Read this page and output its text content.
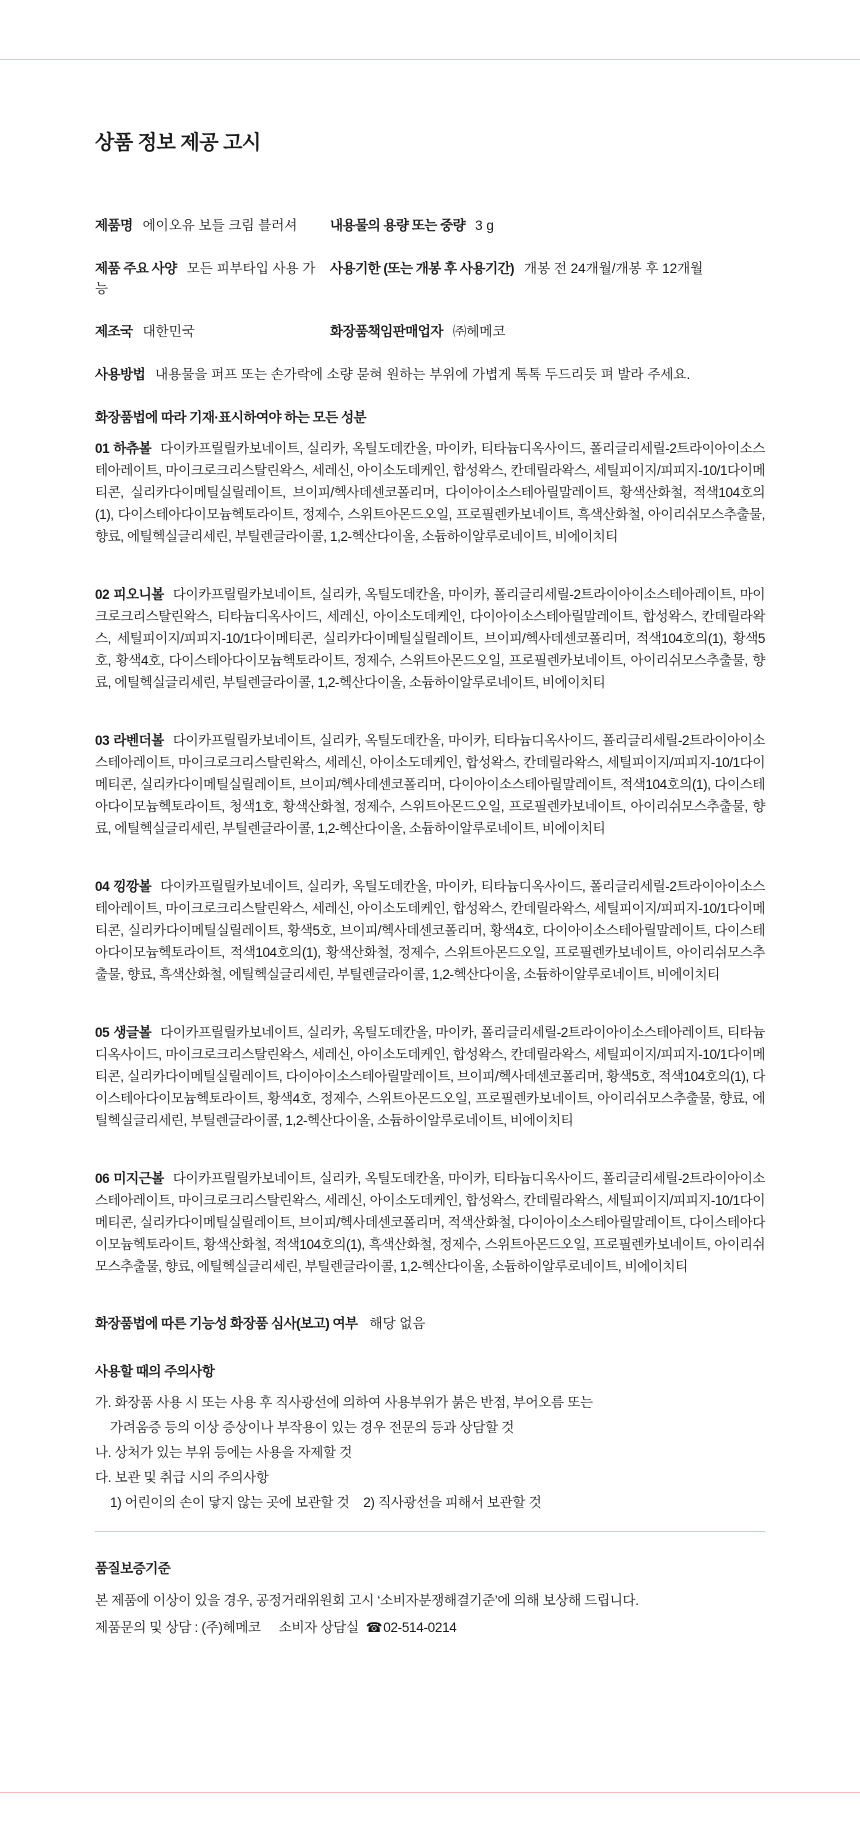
상품 정보 제공 고시
제품명 에이오유 보들 크림 블러셔	내용물의 용량 또는 중량 3 g
제품 주요 사양 모든 피부타입 사용 가능
사용기한 (또는 개봉 후 사용기간) 개봉 전 24개월/개봉 후 12개월
제조국 대한민국	화장품책임판매업자 ㈜헤메코
사용방법 내용물을 퍼프 또는 손가락에 소량 묻혀 원하는 부위에 가볍게 톡톡 두드리듯 펴 발라 주세요.
화장품법에 따라 기재·표시하여야 하는 모든 성분

01 하츄볼 다이카프릴릴카보네이트, 실리카, 옥틸도데칸올, 마이카, 티타늄디옥사이드, 폴리글리세릴-2트라이아이소스테아레이트, 마이크로크리스탈린왁스, 세레신, 아이소도데케인, 합성왁스, 칸데릴라왁스, 세틸피이지/피피지-10/1다이메티콘, 실리카다이메틸실릴레이트, 브이피/헥사데센코폴리머, 다이아이소스테아릴말레이트, 황색산화철, 적색104호의(1), 다이스테아다이모늄헥토라이트, 정제수, 스위트아몬드오일, 프로필렌카보네이트, 흑색산화철, 아이리쉬모스추출물, 향료, 에틸헥실글리세린, 부틸렌글라이콜, 1,2-헥산다이올, 소듐하이알루로네이트, 비에이치티

02 피오니볼 다이카프릴릴카보네이트, 실리카, 옥틸도데칸올, 마이카, 폴리글리세릴-2트라이아이소스테아레이트, 마이크로크리스탈린왁스, 티타늄디옥사이드, 세레신, 아이소도데케인, 다이아이소스테아릴말레이트, 합성왁스, 칸데릴라왁스, 세틸피이지/피피지-10/1다이메티콘, 실리카다이메틸실릴레이트, 브이피/헥사데센코폴리머, 적색104호의(1), 황색5호, 황색4호, 다이스테아다이모늄헥토라이트, 정제수, 스위트아몬드오일, 프로필렌카보네이트, 아이리쉬모스추출물, 향료, 에틸헥실글리세린, 부틸렌글라이콜, 1,2-헥산다이올, 소듐하이알루로네이트, 비에이치티

03 라벤더볼 다이카프릴릴카보네이트, 실리카, 옥틸도데칸올, 마이카, 티타늄디옥사이드, 폴리글리세릴-2트라이아이소스테아레이트, 마이크로크리스탈린왁스, 세레신, 아이소도데케인, 합성왁스, 칸데릴라왁스, 세틸피이지/피피지-10/1다이메티콘, 실리카다이메틸실릴레이트, 브이피/헥사데센코폴리머, 다이아이소스테아릴말레이트, 적색104호의(1), 다이스테아다이모늄헥토라이트, 청색1호, 황색산화철, 정제수, 스위트아몬드오일, 프로필렌카보네이트, 아이리쉬모스추출물, 향료, 에틸헥실글리세린, 부틸렌글라이콜, 1,2-헥산다이올, 소듐하이알루로네이트, 비에이치티

04 낑깡볼 다이카프릴릴카보네이트, 실리카, 옥틸도데칸올, 마이카, 티타늄디옥사이드, 폴리글리세릴-2트라이아이소스테아레이트, 마이크로크리스탈린왁스, 세레신, 아이소도데케인, 합성왁스, 칸데릴라왁스, 세틸피이지/피피지-10/1다이메티콘, 실리카다이메틸실릴레이트, 황색5호, 브이피/헥사데센코폴리머, 황색4호, 다이아이소스테아릴말레이트, 다이스테아다이모늄헥토라이트, 적색104호의(1), 황색산화철, 정제수, 스위트아몬드오일, 프로필렌카보네이트, 아이리쉬모스추출물, 향료, 흑색산화철, 에틸헥실글리세린, 부틸렌글라이콜, 1,2-헥산다이올, 소듐하이알루로네이트, 비에이치티

05 생글볼 다이카프릴릴카보네이트, 실리카, 옥틸도데칸올, 마이카, 폴리글리세릴-2트라이아이소스테아레이트, 티타늄디옥사이드, 마이크로크리스탈린왁스, 세레신, 아이소도데케인, 합성왁스, 칸데릴라왁스, 세틸피이지/피피지-10/1다이메티콘, 실리카다이메틸실릴레이트, 다이아이소스테아릴말레이트, 브이피/헥사데센코폴리머, 황색5호, 적색104호의(1), 다이스테아다이모늄헥토라이트, 황색4호, 정제수, 스위트아몬드오일, 프로필렌카보네이트, 아이리쉬모스추출물, 향료, 에틸헥실글리세린, 부틸렌글라이콜, 1,2-헥산다이올, 소듐하이알루로네이트, 비에이치티

06 미지근볼 다이카프릴릴카보네이트, 실리카, 옥틸도데칸올, 마이카, 티타늄디옥사이드, 폴리글리세릴-2트라이아이소스테아레이트, 마이크로크리스탈린왁스, 세레신, 아이소도데케인, 합성왁스, 칸데릴라왁스, 세틸피이지/피피지-10/1다이메티콘, 실리카다이메틸실릴레이트, 브이피/헥사데센코폴리머, 적색산화철, 다이아이소스테아릴말레이트, 다이스테아다이모늄헥토라이트, 황색산화철, 적색104호의(1), 흑색산화철, 정제수, 스위트아몬드오일, 프로필렌카보네이트, 아이리쉬모스추출물, 향료, 에틸헥실글리세린, 부틸렌글라이콜, 1,2-헥산다이올, 소듐하이알루로네이트, 비에이치티

화장품법에 따른 기능성 화장품 심사(보고) 여부 해당 없음
사용할 때의 주의사항
가. 화장품 사용 시 또는 사용 후 직사광선에 의하여 사용부위가 붉은 반점, 부어오름 또는
가려움증 등의 이상 증상이나 부작용이 있는 경우 전문의 등과 상담할 것
나. 상처가 있는 부위 등에는 사용을 자제할 것
다. 보관 및 취급 시의 주의사항
1) 어린이의 손이 닿지 않는 곳에 보관할 것    2) 직사광선을 피해서 보관할 것
품질보증기준
본 제품에 이상이 있을 경우, 공정거래위원회 고시 ‘소비자분쟁해결기준’에 의해 보상해 드립니다.
제품문의 및 상담 : (주)헤메코 소비자 상담실 ☎02-514-0214
